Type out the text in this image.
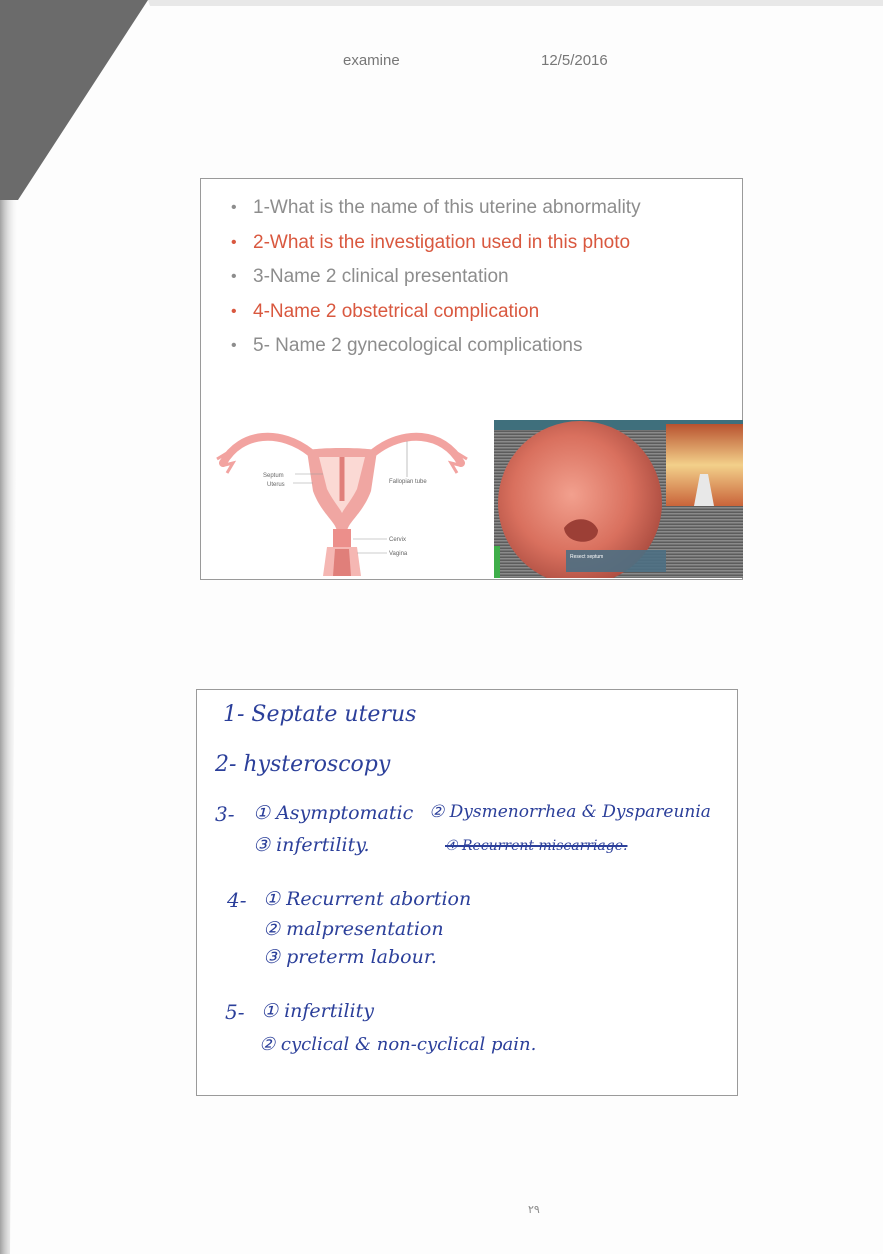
examine	12/5/2016
• 1-What is the name of this uterine abnormality
• 2-What is the investigation used in this photo
• 3-Name 2 clinical presentation
• 4-Name 2 obstetrical complication
• 5- Name 2 gynecological complications
Septum
Uterus	Fallopian tube
Cervix
Vagina	Resect septum
1- Septate uterus
2- hysteroscopy
3- ① Asymptomatic ② Dysmenorrhea & Dyspareunia
③ infertility.	④ Recurrent miscarriage.
4- ① Recurrent abortion
② malpresentation
③ preterm labour.
5- ① infertility
② cyclical & non-cyclical pain.
٢٩
